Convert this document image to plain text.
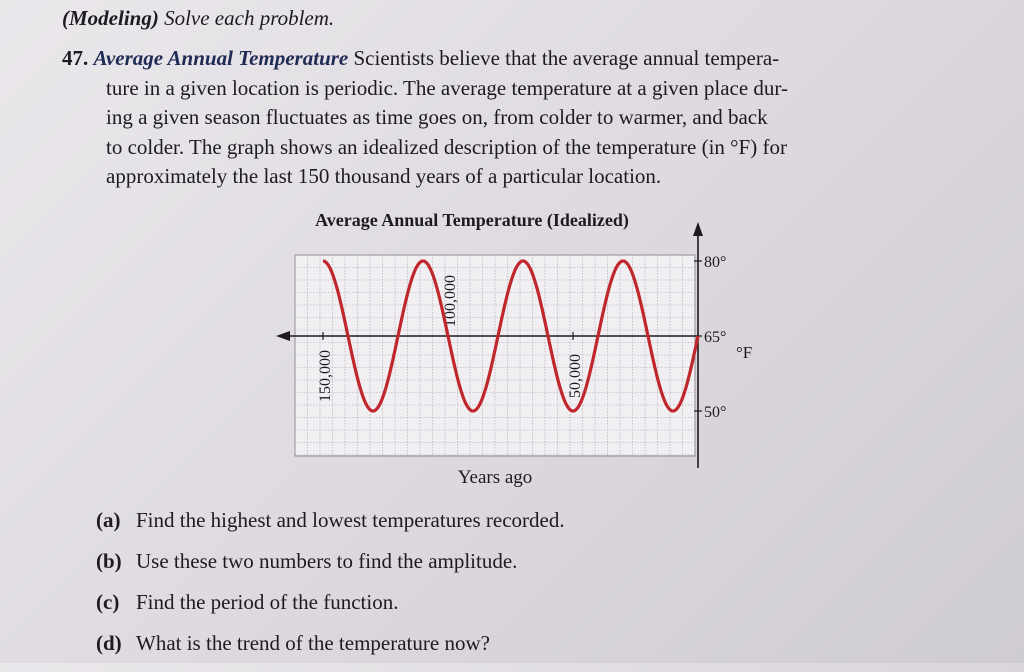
(Modeling) Solve each problem.
47. Average Annual Temperature Scientists believe that the average annual tempera-
ture in a given location is periodic. The average temperature at a given place dur-
ing a given season fluctuates as time goes on, from colder to warmer, and back
to colder. The graph shows an idealized description of the temperature (in °F) for
approximately the last 150 thousand years of a particular location.
Average Annual Temperature (Idealized)
80°
65°
50°
150,000
100,000
50,000
°F
Years ago
(a) Find the highest and lowest temperatures recorded.
(b) Use these two numbers to find the amplitude.
(c) Find the period of the function.
(d) What is the trend of the temperature now?
